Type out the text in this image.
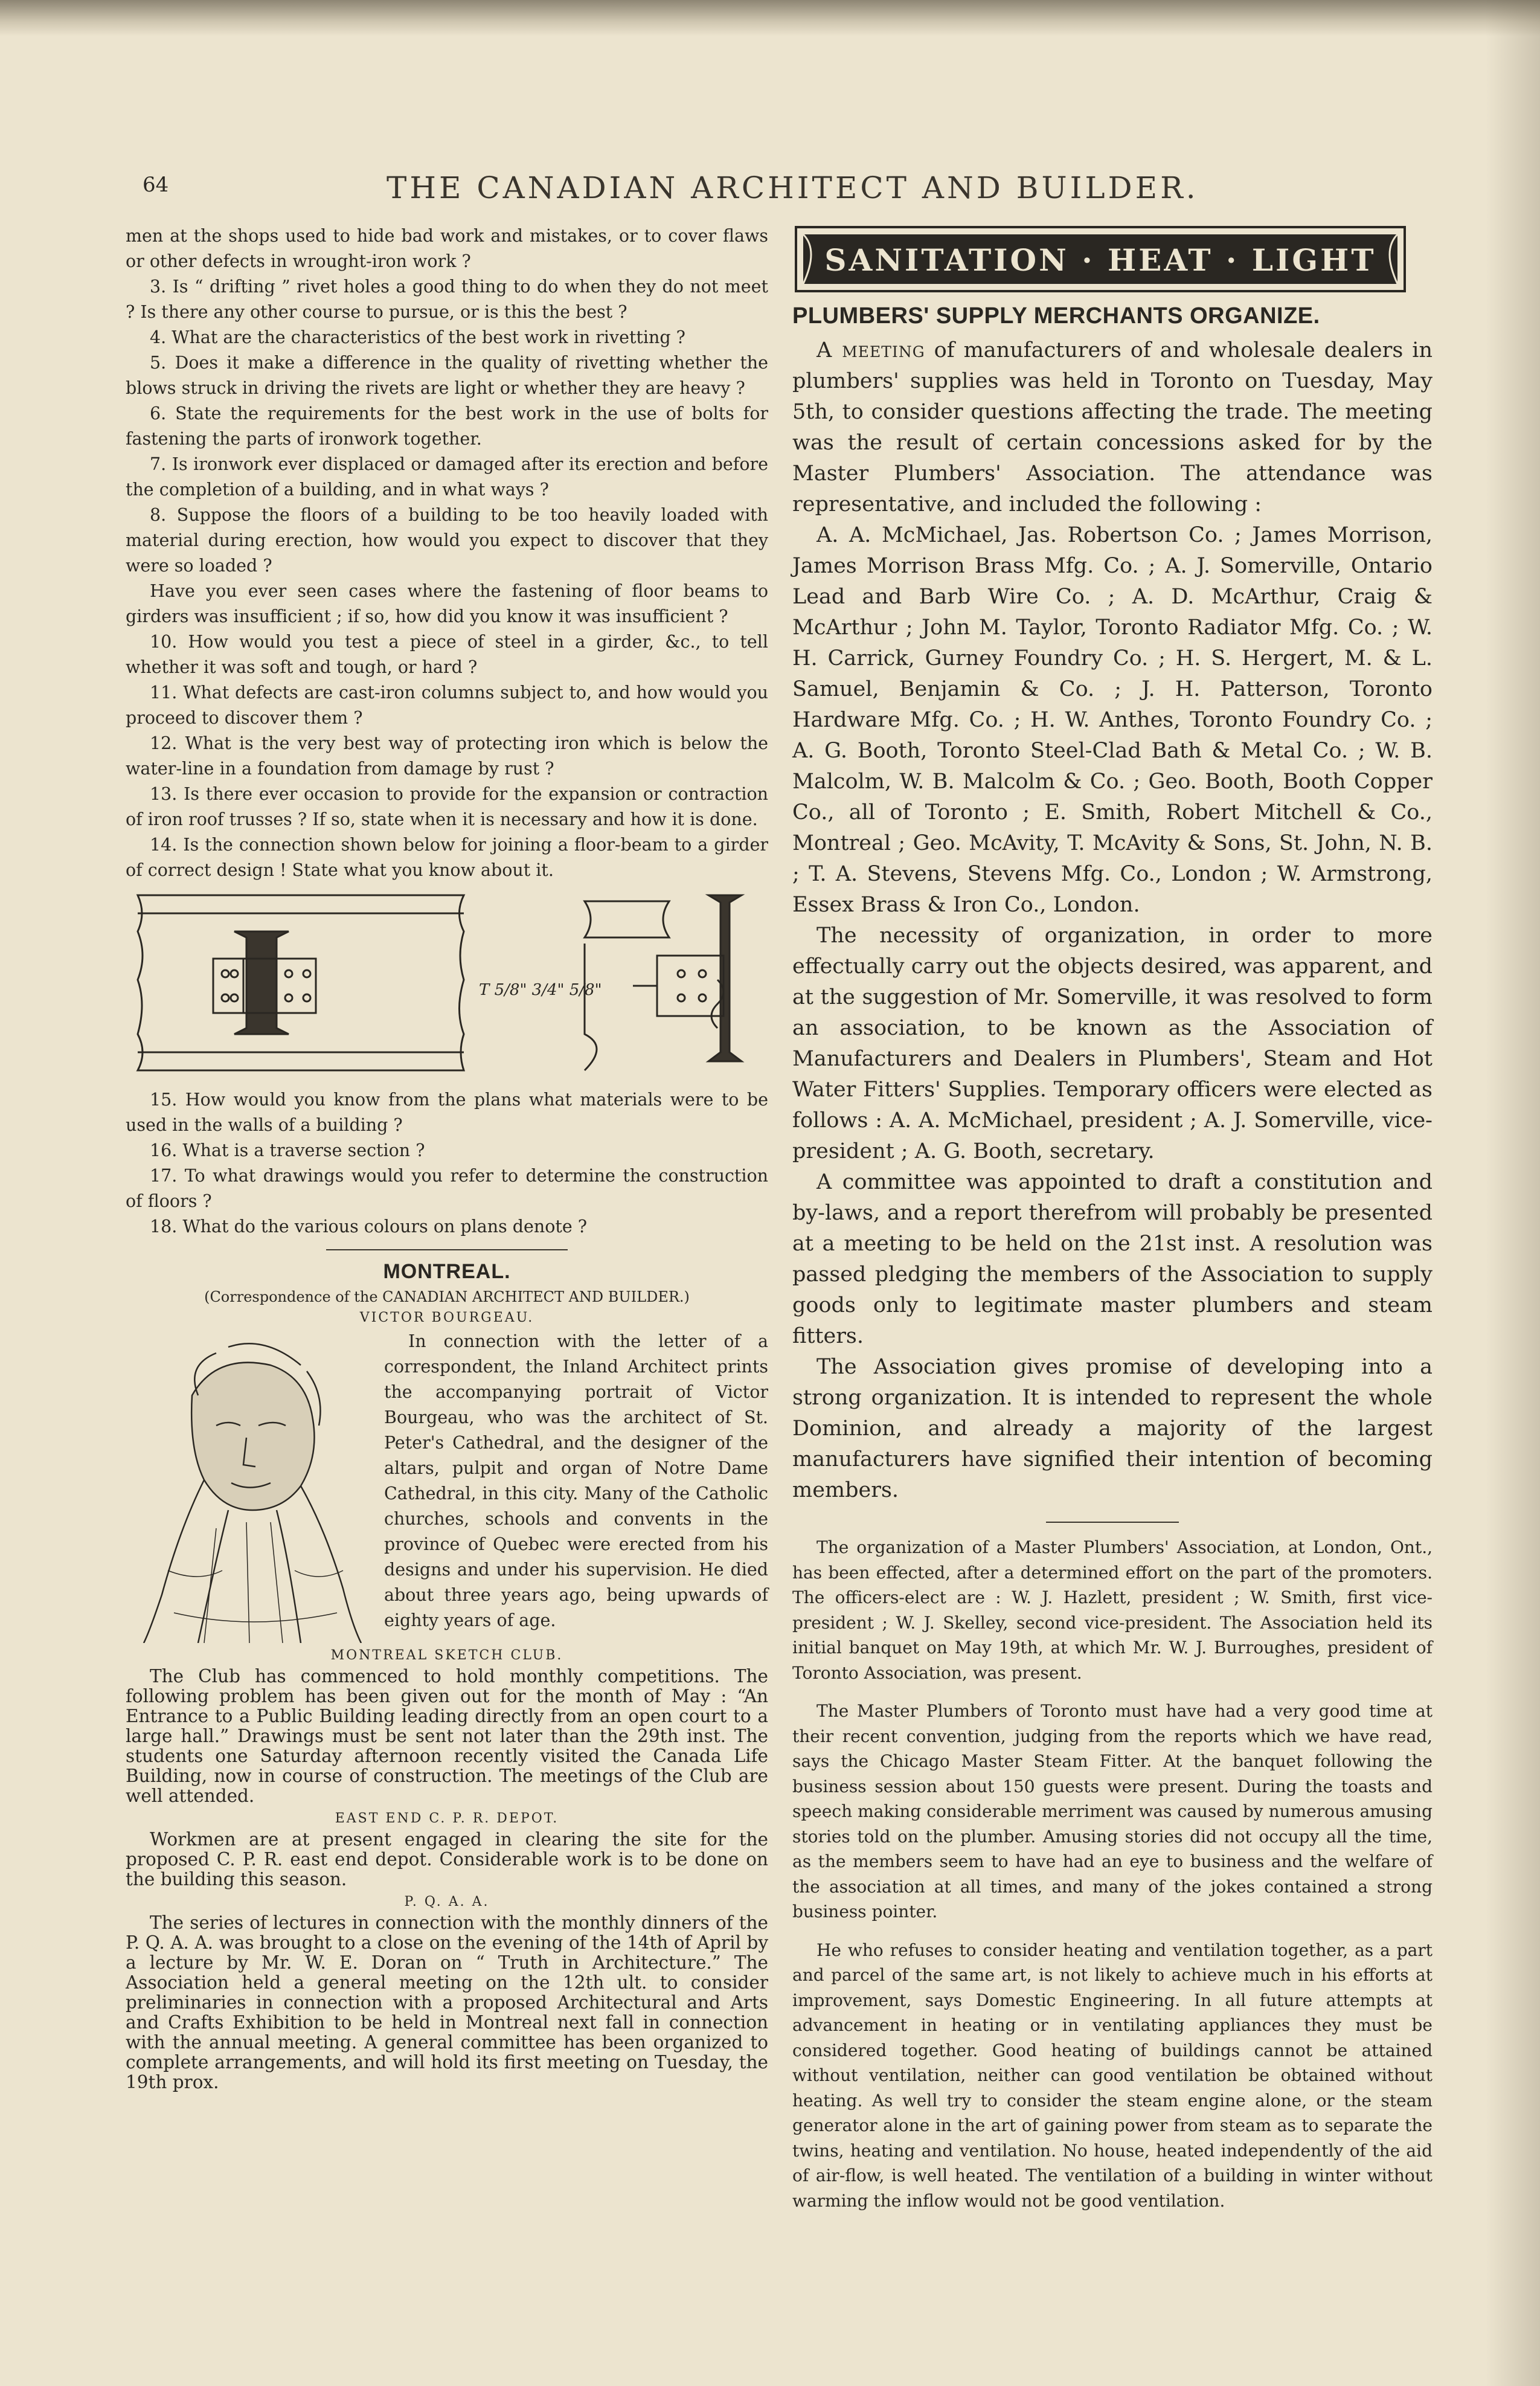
64	THE CANADIAN ARCHITECT AND BUILDER.

men at the shops used to hide bad work and mistakes, or to cover flaws or other defects in wrought-iron work ?

3. Is “ drifting ” rivet holes a good thing to do when they do not meet ? Is there any other course to pursue, or is this the best ?

4. What are the characteristics of the best work in rivetting ?

5. Does it make a difference in the quality of rivetting whether the blows struck in driving the rivets are light or whether they are heavy ?

6. State the requirements for the best work in the use of bolts for fastening the parts of ironwork together.

7. Is ironwork ever displaced or damaged after its erection and before the completion of a building, and in what ways ?

8. Suppose the floors of a building to be too heavily loaded with material during erection, how would you expect to discover that they were so loaded ?

Have you ever seen cases where the fastening of floor beams to girders was insufficient ; if so, how did you know it was insufficient ?

10. How would you test a piece of steel in a girder, &c., to tell whether it was soft and tough, or hard ?

11. What defects are cast-iron columns subject to, and how would you proceed to discover them ?

12. What is the very best way of protecting iron which is below the water-line in a foundation from damage by rust ?

13. Is there ever occasion to provide for the expansion or contraction of iron roof trusses ? If so, state when it is necessary and how it is done.

14. Is the connection shown below for joining a floor-beam to a girder of correct design ! State what you know about it.

T 5/8" 3/4" 5/8"

15. How would you know from the plans what materials were to be used in the walls of a building ?

16. What is a traverse section ?

17. To what drawings would you refer to determine the construction of floors ?

18. What do the various colours on plans denote ?

MONTREAL.
(Correspondence of the CANADIAN ARCHITECT AND BUILDER.)
VICTOR BOURGEAU.

In connection with the letter of a correspondent, the Inland Architect prints the accompanying portrait of Victor Bourgeau, who was the architect of St. Peter's Cathedral, and the designer of the altars, pulpit and organ of Notre Dame Cathedral, in this city. Many of the Catholic churches, schools and convents in the province of Quebec were erected from his designs and under his supervision. He died about three years ago, being upwards of eighty years of age.

MONTREAL SKETCH CLUB.

The Club has commenced to hold monthly competitions. The following problem has been given out for the month of May : “An Entrance to a Public Building leading directly from an open court to a large hall.” Drawings must be sent not later than the 29th inst. The students one Saturday afternoon recently visited the Canada Life Building, now in course of construction. The meetings of the Club are well attended.

EAST END C. P. R. DEPOT.

Workmen are at present engaged in clearing the site for the proposed C. P. R. east end depot. Considerable work is to be done on the building this season.

P. Q. A. A.

The series of lectures in connection with the monthly dinners of the P. Q. A. A. was brought to a close on the evening of the 14th of April by a lecture by Mr. W. E. Doran on “ Truth in Architecture.” The Association held a general meeting on the 12th ult. to consider preliminaries in connection with a proposed Architectural and Arts and Crafts Exhibition to be held in Montreal next fall in connection with the annual meeting. A general committee has been organized to complete arrangements, and will hold its first meeting on Tuesday, the 19th prox.

SANITATION · HEAT · LIGHT
PLUMBERS' SUPPLY MERCHANTS ORGANIZE.

A meeting of manufacturers of and wholesale dealers in plumbers' supplies was held in Toronto on Tuesday, May 5th, to consider questions affecting the trade. The meeting was the result of certain concessions asked for by the Master Plumbers' Association. The attendance was representative, and included the following :

A. A. McMichael, Jas. Robertson Co. ; James Morrison, James Morrison Brass Mfg. Co. ; A. J. Somerville, Ontario Lead and Barb Wire Co. ; A. D. McArthur, Craig & McArthur ; John M. Taylor, Toronto Radiator Mfg. Co. ; W. H. Carrick, Gurney Foundry Co. ; H. S. Hergert, M. & L. Samuel, Benjamin & Co. ; J. H. Patterson, Toronto Hardware Mfg. Co. ; H. W. Anthes, Toronto Foundry Co. ; A. G. Booth, Toronto Steel-Clad Bath & Metal Co. ; W. B. Malcolm, W. B. Malcolm & Co. ; Geo. Booth, Booth Copper Co., all of Toronto ; E. Smith, Robert Mitchell & Co., Montreal ; Geo. McAvity, T. McAvity & Sons, St. John, N. B. ; T. A. Stevens, Stevens Mfg. Co., London ; W. Armstrong, Essex Brass & Iron Co., London.

The necessity of organization, in order to more effectually carry out the objects desired, was apparent, and at the suggestion of Mr. Somerville, it was resolved to form an association, to be known as the Association of Manufacturers and Dealers in Plumbers', Steam and Hot Water Fitters' Supplies. Temporary officers were elected as follows : A. A. McMichael, president ; A. J. Somerville, vice-president ; A. G. Booth, secretary.

A committee was appointed to draft a constitution and by-laws, and a report therefrom will probably be presented at a meeting to be held on the 21st inst. A resolution was passed pledging the members of the Association to supply goods only to legitimate master plumbers and steam fitters.

The Association gives promise of developing into a strong organization. It is intended to represent the whole Dominion, and already a majority of the largest manufacturers have signified their intention of becoming members.

The organization of a Master Plumbers' Association, at London, Ont., has been effected, after a determined effort on the part of the promoters. The officers-elect are : W. J. Hazlett, president ; W. Smith, first vice-president ; W. J. Skelley, second vice-president. The Association held its initial banquet on May 19th, at which Mr. W. J. Burroughes, president of Toronto Association, was present.

The Master Plumbers of Toronto must have had a very good time at their recent convention, judging from the reports which we have read, says the Chicago Master Steam Fitter. At the banquet following the business session about 150 guests were present. During the toasts and speech making considerable merriment was caused by numerous amusing stories told on the plumber. Amusing stories did not occupy all the time, as the members seem to have had an eye to business and the welfare of the association at all times, and many of the jokes contained a strong business pointer.

He who refuses to consider heating and ventilation together, as a part and parcel of the same art, is not likely to achieve much in his efforts at improvement, says Domestic Engineering. In all future attempts at advancement in heating or in ventilating appliances they must be considered together. Good heating of buildings cannot be attained without ventilation, neither can good ventilation be obtained without heating. As well try to consider the steam engine alone, or the steam generator alone in the art of gaining power from steam as to separate the twins, heating and ventilation. No house, heated independently of the aid of air-flow, is well heated. The ventilation of a building in winter without warming the inflow would not be good ventilation.
